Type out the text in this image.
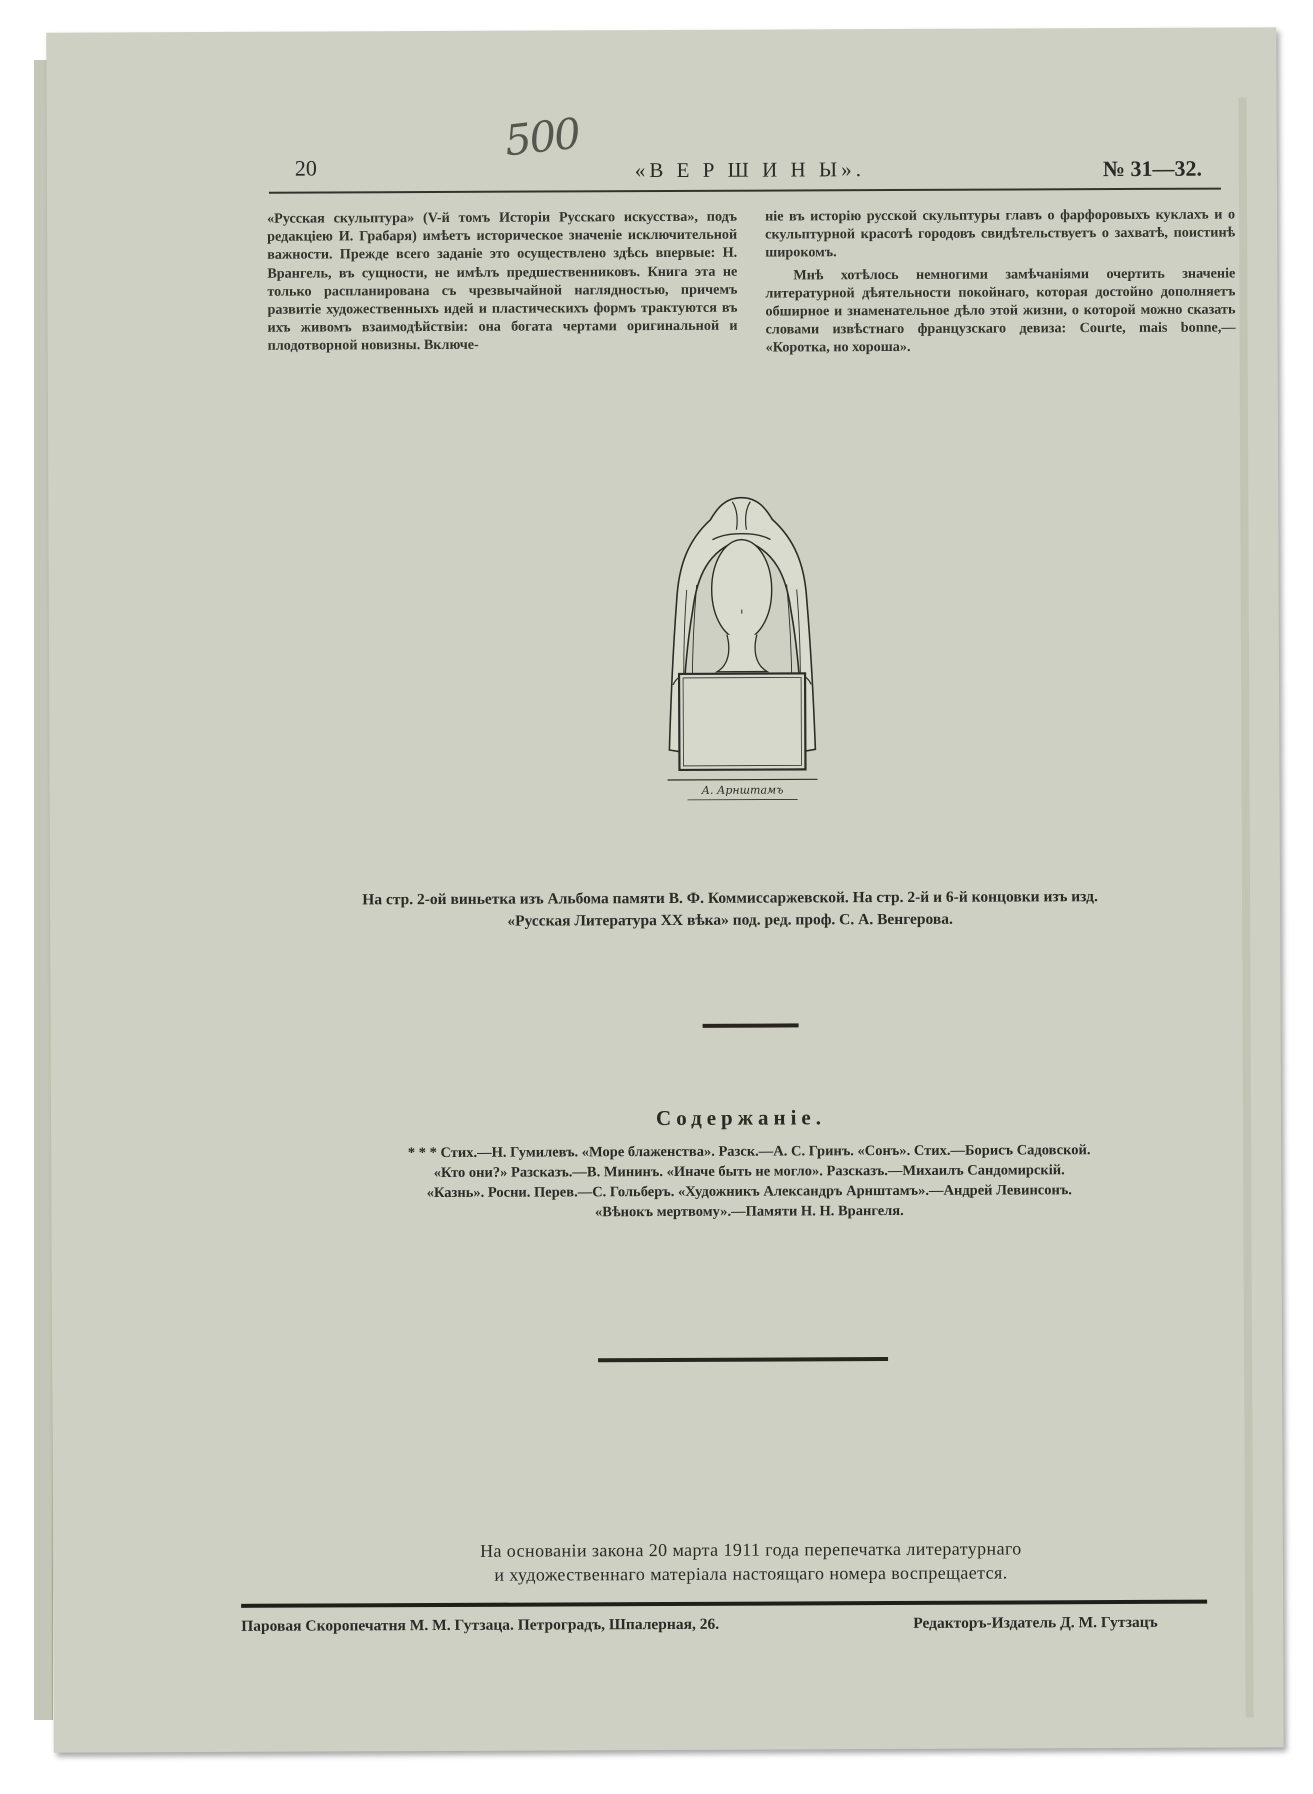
500
20	«В Е Р Ш И Н Ы».	№ 31—32.

«Русская скульптура» (V-й томъ Исторіи Русскаго искусства», подъ редакціею И. Грабаря) имѣетъ историческое значеніе исключительной важности. Прежде всего заданіе это осуществлено здѣсь впервые: Н. Врангель, въ сущности, не имѣлъ предшественниковъ. Книга эта не только распланирована съ чрезвычайной наглядностью, причемъ развитіе художественныхъ идей и пластическихъ формъ трактуются въ ихъ живомъ взаимодѣйствіи: она богата чертами оригинальной и плодотворной новизны. Включе-

ніе въ исторію русской скульптуры главъ о фарфоровыхъ куклахъ и о скульптурной красотѣ городовъ свидѣтельствуетъ о захватѣ, поистинѣ широкомъ.

Мнѣ хотѣлось немногими замѣчаніями очертить значеніе литературной дѣятельности покойнаго, которая достойно дополняетъ обширное и знаменательное дѣло этой жизни, о которой можно сказать словами извѣстнаго французскаго девиза: Courte, mais bonne,— «Коротка, но хороша».

А. Арнштамъ
На стр. 2-ой виньетка изъ Альбома памяти В. Ф. Коммиссаржевской. На стр. 2-й и 6-й концовки изъ изд.
«Русская Литература XX вѣка» под. ред. проф. С. А. Венгерова.
Содержаніе.

* * * Стих.—Н. Гумилевъ. «Море блаженства». Разск.—А. С. Гринъ. «Сонъ». Стих.—Борисъ Садовской.

«Кто они?» Разсказъ.—В. Мининъ. «Иначе быть не могло». Разсказъ.—Михаилъ Сандомирскій.

«Казнь». Росни. Перев.—С. Гольберъ. «Художникъ Александръ Арнштамъ».—Андрей Левинсонъ.

«Вѣнокъ мертвому».—Памяти Н. Н. Врангеля.

На основаніи закона 20 марта 1911 года перепечатка литературнаго

и художественнаго матеріала настоящаго номера воспрещается.

Паровая Скоропечатня М. М. Гутзаца. Петроградъ, Шпалерная, 26.	Редакторъ-Издатель Д. М. Гутзацъ
